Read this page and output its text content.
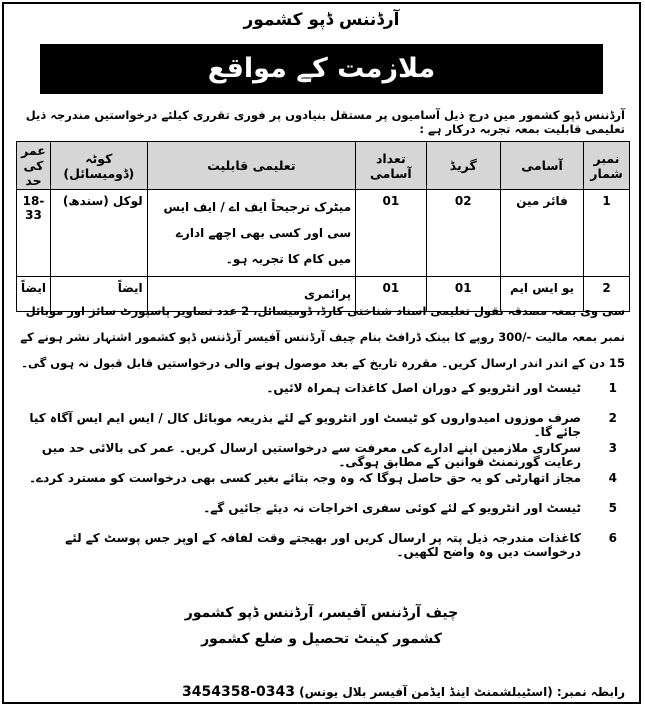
آرڈننس ڈپو کشمور
ملازمت کے مواقع
آرڈننس ڈپو کشمور میں درج ذیل آسامیوں پر مستقل بنیادوں پر فوری تقرری کیلئے درخواستیں مندرجہ ذیل تعلیمی قابلیت بمعہ تجربہ درکار ہے :
نمبر شمار	آسامی	گریڈ	تعداد آسامی	تعلیمی قابلیت	کوٹہ (ڈومیسائل)	عمر کی حد
1	فائر مین	02	01	میٹرک ترجیحاً ایف اے / ایف ایس سی اور کسی بھی اچھے ادارے میں کام کا تجربہ ہو۔	لوکل (سندھ)	18-33
2	یو ایس ایم	01	01	پرائمری	ایضاً	ایضاً
سی وی بمعہ مصدقہ نقول تعلیمی اسناد شناختی کارڈ، ڈومیسائل، 2 عدد تصاویر پاسپورٹ سائز اور موبائل نمبر بمعہ مالیت -/300 روپے کا بینک ڈرافٹ بنام چیف آرڈننس آفیسر آرڈننس ڈپو کشمور اشتہار نشر ہونے کے 15 دن کے اندر اندر ارسال کریں۔ مقررہ تاریخ کے بعد موصول ہونے والی درخواستیں قابل قبول نہ ہوں گی۔
1
ٹیسٹ اور انٹرویو کے دوران اصل کاغذات ہمراہ لائیں۔
2
صرف موزوں امیدواروں کو ٹیسٹ اور انٹرویو کے لئے بذریعہ موبائل کال / ایس ایم ایس آگاہ کیا جائے گا۔
3
سرکاری ملازمین اپنے ادارے کی معرفت سے درخواستیں ارسال کریں۔ عمر کی بالائی حد میں رعایت گورنمنٹ قوانین کے مطابق ہوگی۔
4
مجاز اتھارٹی کو یہ حق حاصل ہوگا کہ وہ وجہ بتائے بغیر کسی بھی درخواست کو مسترد کردے۔
5
ٹیسٹ اور انٹرویو کے لئے کوئی سفری اخراجات نہ دیئے جائیں گے۔
6
کاغذات مندرجہ ذیل پتہ پر ارسال کریں اور بھیجتے وقت لفافہ کے اوپر جس پوسٹ کے لئے درخواست دیں وہ واضح لکھیں۔
چیف آرڈننس آفیسر، آرڈننس ڈپو کشمور
کشمور کینٹ تحصیل و ضلع کشمور
رابطہ نمبر: (اسٹیبلشمنٹ اینڈ ایڈمن آفیسر بلال یونس) 0343-3454358
